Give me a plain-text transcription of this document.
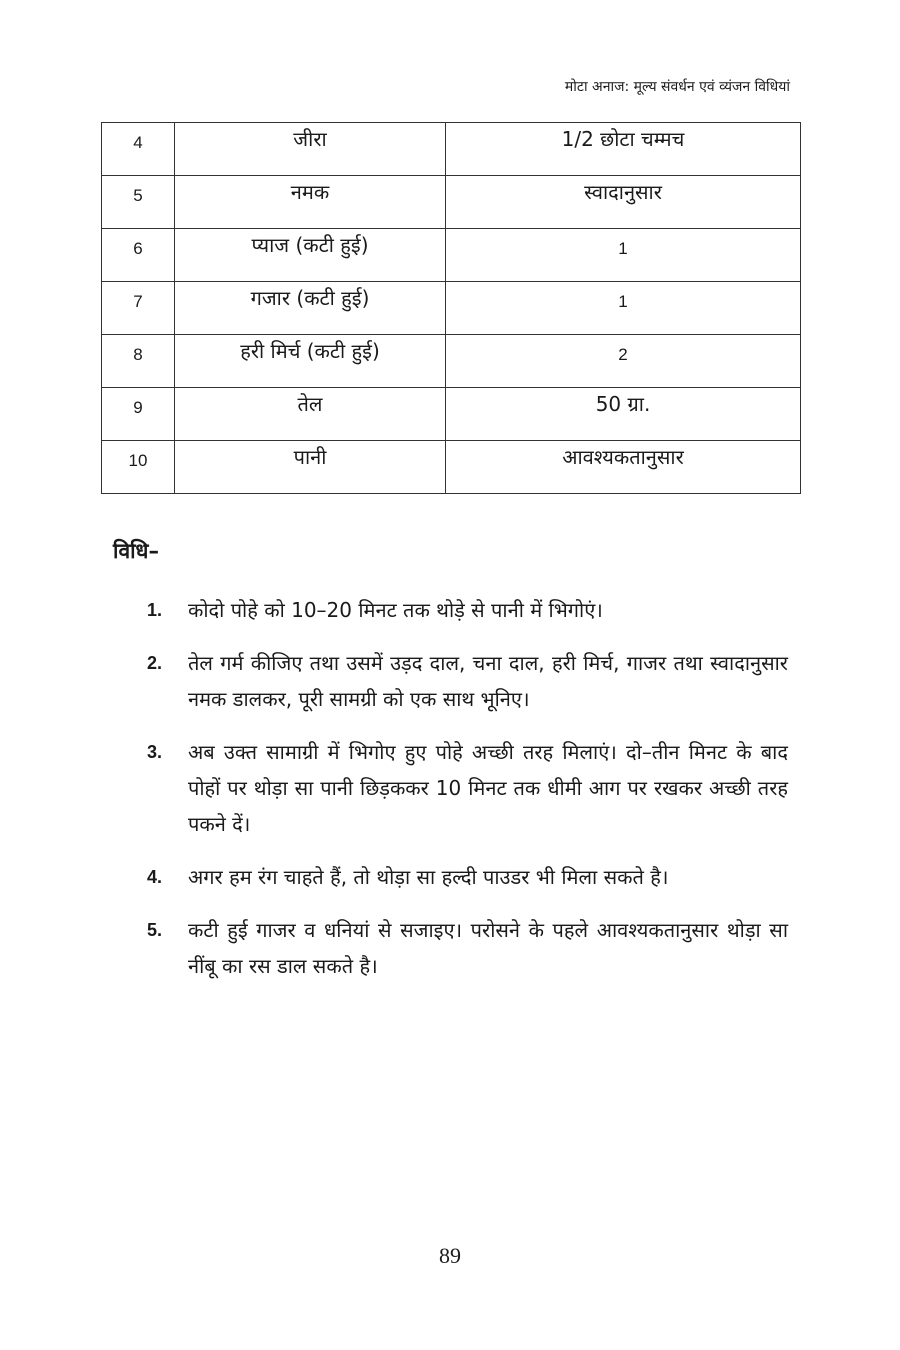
मोटा अनाज: मूल्य संवर्धन एवं व्यंजन विधियां
4	जीरा	1/2 छोटा चम्मच
5	नमक	स्वादानुसार
6	प्याज (कटी हुई)	1
7	गजार (कटी हुई)	1
8	हरी मिर्च (कटी हुई)	2
9	तेल	50 ग्रा.
10	पानी	आवश्यकतानुसार
विधि–
1.	कोदो पोहे को 10–20 मिनट तक थोड़े से पानी में भिगोएं।
2.	तेल गर्म कीजिए तथा उसमें उड़द दाल, चना दाल, हरी मिर्च, गाजर तथा स्वादानुसार नमक डालकर, पूरी सामग्री को एक साथ भूनिए।
3.	अब उक्त सामाग्री में भिगोए हुए पोहे अच्छी तरह मिलाएं। दो–तीन मिनट के बाद पोहों पर थोड़ा सा पानी छिड़ककर 10 मिनट तक धीमी आग पर रखकर अच्छी तरह पकने दें।
4.	अगर हम रंग चाहते हैं, तो थोड़ा सा हल्दी पाउडर भी मिला सकते है।
5.	कटी हुई गाजर व धनियां से सजाइए। परोसने के पहले आवश्यकतानुसार थोड़ा सा नींबू का रस डाल सकते है।
89
